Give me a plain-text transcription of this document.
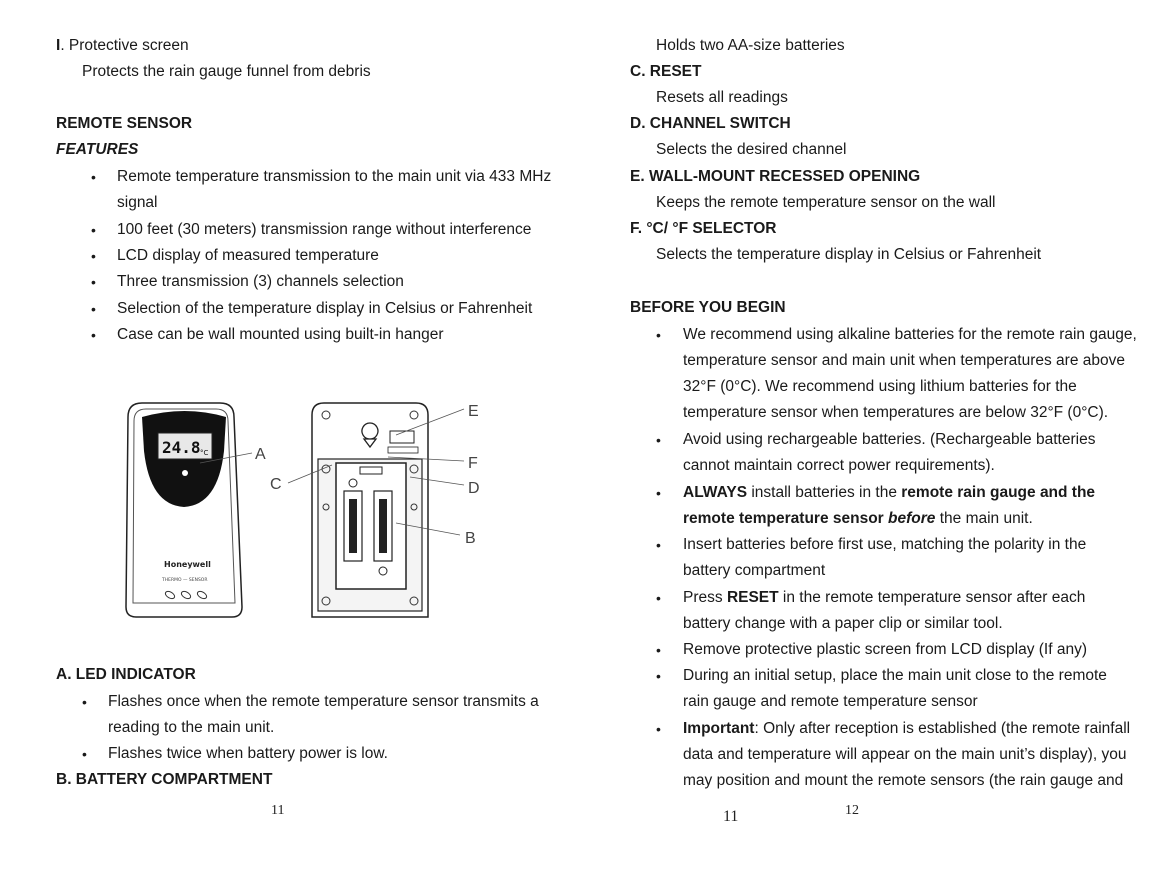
I. Protective screen
Protects the rain gauge funnel from debris
REMOTE SENSOR
FEATURES
• Remote temperature transmission to the main unit via 433 MHz
signal
• 100 feet (30 meters) transmission range without interference
• LCD display of measured temperature
• Three transmission (3) channels selection
• Selection of the temperature display in Celsius or Fahrenheit
• Case can be wall mounted using built-in hanger
24.8 °C
Honeywell
THERMO — SENSOR
A
B
C	D
E
F
A. LED INDICATOR
• Flashes once when the remote temperature sensor transmits a
reading to the main unit.
• Flashes twice when battery power is low.
B. BATTERY COMPARTMENT
11
Holds two AA-size batteries
C. RESET
Resets all readings
D. CHANNEL SWITCH
Selects the desired channel
E. WALL-MOUNT RECESSED OPENING
Keeps the remote temperature sensor on the wall
F. °C/ °F SELECTOR
Selects the temperature display in Celsius or Fahrenheit
BEFORE YOU BEGIN
• We recommend using alkaline batteries for the remote rain gauge,
temperature sensor and main unit when temperatures are above
32°F (0°C). We recommend using lithium batteries for the
temperature sensor when temperatures are below 32°F (0°C).
• Avoid using rechargeable batteries. (Rechargeable batteries
cannot maintain correct power requirements).
• ALWAYS install batteries in the remote rain gauge and the
remote temperature sensor before the main unit.
• Insert batteries before first use, matching the polarity in the
battery compartment
• Press RESET in the remote temperature sensor after each
battery change with a paper clip or similar tool.
• Remove protective plastic screen from LCD display (If any)
• During an initial setup, place the main unit close to the remote
rain gauge and remote temperature sensor
• Important: Only after reception is established (the remote rainfall
data and temperature will appear on the main unit’s display), you
may position and mount the remote sensors (the rain gauge and
11	12
